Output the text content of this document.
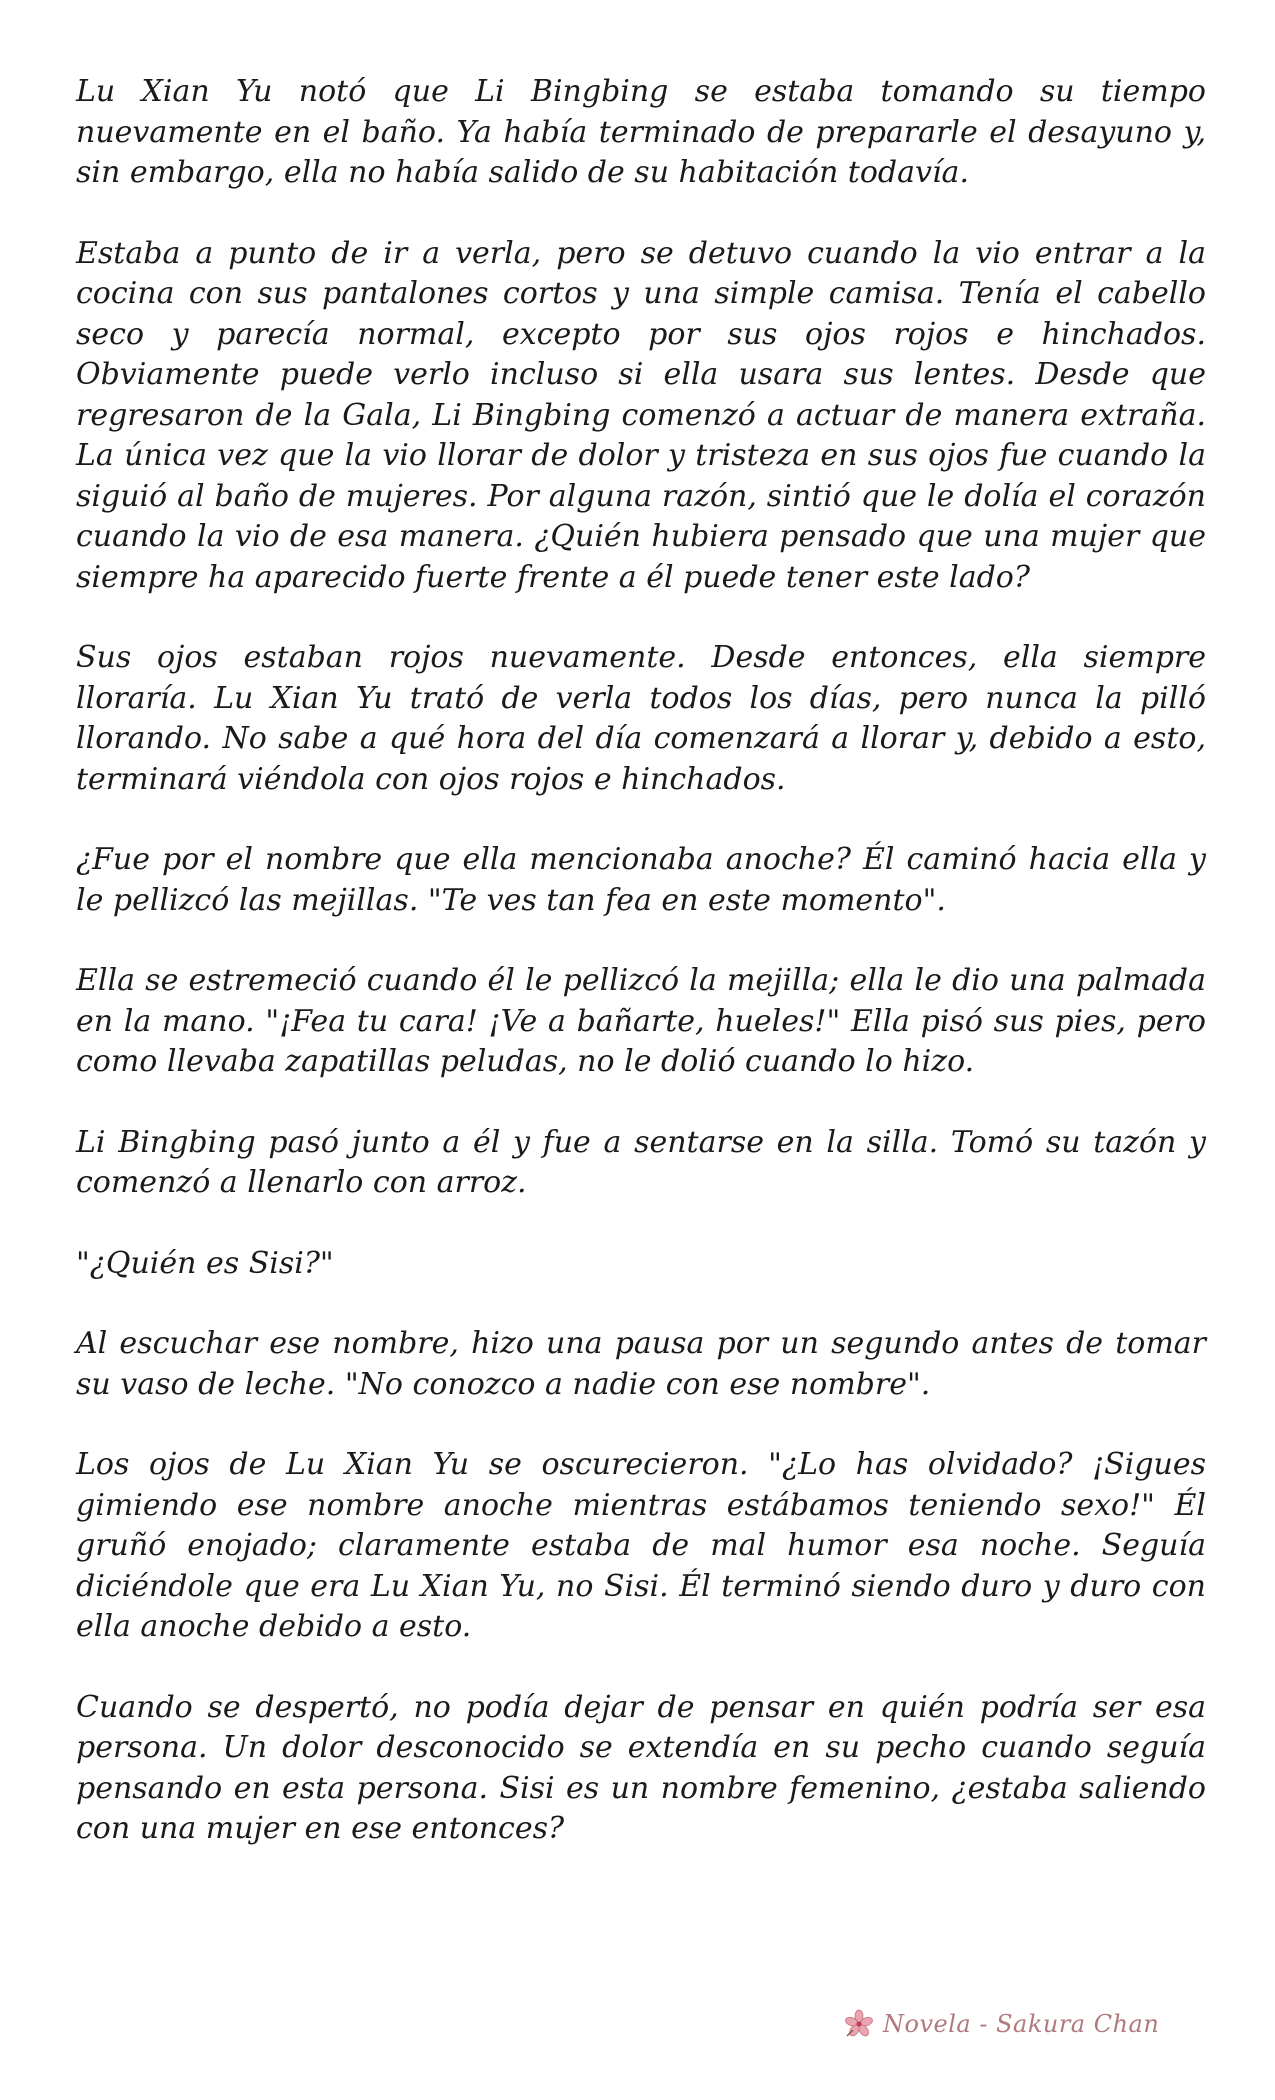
Lu Xian Yu notó que Li Bingbing se estaba tomando su tiempo nuevamente en el baño. Ya había terminado de prepararle el desayuno y, sin embargo, ella no había salido de su habitación todavía.

Estaba a punto de ir a verla, pero se detuvo cuando la vio entrar a la cocina con sus pantalones cortos y una simple camisa. Tenía el cabello seco y parecía normal, excepto por sus ojos rojos e hinchados. Obviamente puede verlo incluso si ella usara sus lentes. Desde que regresaron de la Gala, Li Bingbing comenzó a actuar de manera extraña. La única vez que la vio llorar de dolor y tristeza en sus ojos fue cuando la siguió al baño de mujeres. Por alguna razón, sintió que le dolía el corazón cuando la vio de esa manera. ¿Quién hubiera pensado que una mujer que siempre ha aparecido fuerte frente a él puede tener este lado?

Sus ojos estaban rojos nuevamente. Desde entonces, ella siempre lloraría. Lu Xian Yu trató de verla todos los días, pero nunca la pilló llorando. No sabe a qué hora del día comenzará a llorar y, debido a esto, terminará viéndola con ojos rojos e hinchados.

¿Fue por el nombre que ella mencionaba anoche? Él caminó hacia ella y le pellizcó las mejillas. "Te ves tan fea en este momento".

Ella se estremeció cuando él le pellizcó la mejilla; ella le dio una palmada en la mano. "¡Fea tu cara! ¡Ve a bañarte, hueles!" Ella pisó sus pies, pero como llevaba zapatillas peludas, no le dolió cuando lo hizo.

Li Bingbing pasó junto a él y fue a sentarse en la silla. Tomó su tazón y comenzó a llenarlo con arroz.

"¿Quién es Sisi?"

Al escuchar ese nombre, hizo una pausa por un segundo antes de tomar su vaso de leche. "No conozco a nadie con ese nombre".

Los ojos de Lu Xian Yu se oscurecieron. "¿Lo has olvidado? ¡Sigues gimiendo ese nombre anoche mientras estábamos teniendo sexo!" Él gruñó enojado; claramente estaba de mal humor esa noche. Seguía diciéndole que era Lu Xian Yu, no Sisi. Él terminó siendo duro y duro con ella anoche debido a esto.

Cuando se despertó, no podía dejar de pensar en quién podría ser esa persona. Un dolor desconocido se extendía en su pecho cuando seguía pensando en esta persona. Sisi es un nombre femenino, ¿estaba saliendo con una mujer en ese entonces?

Novela - Sakura Chan
